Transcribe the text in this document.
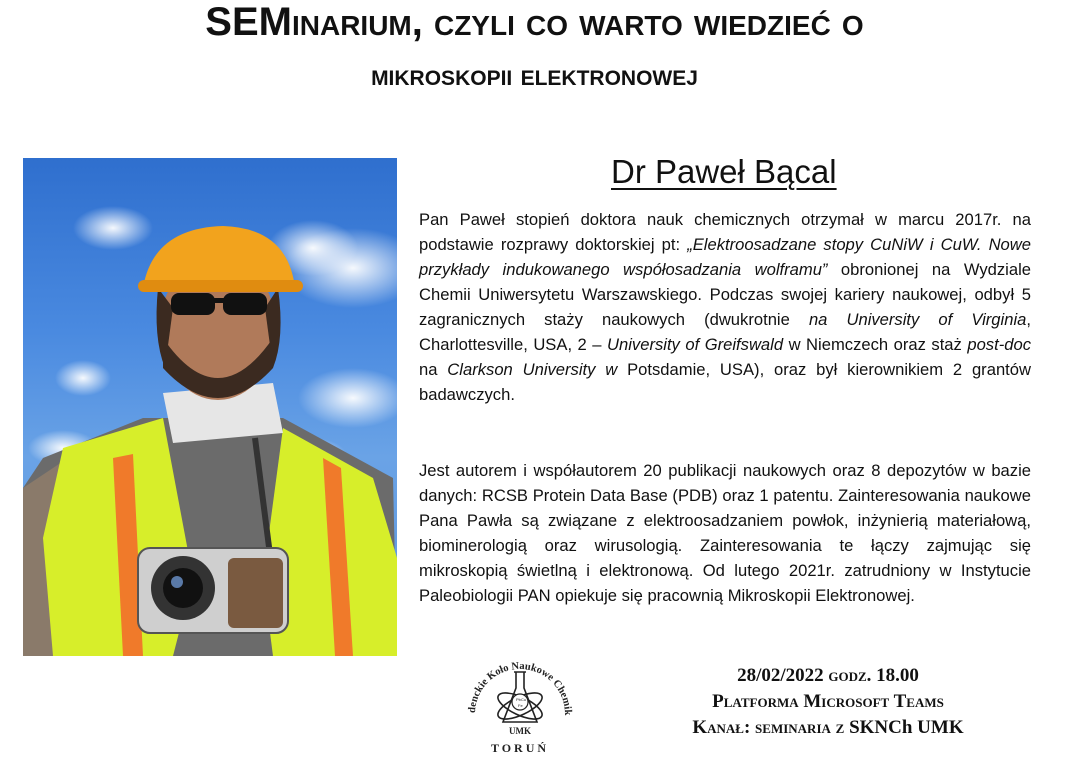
SEMinarium, czyli co warto wiedzieć o
mikroskopii elektronowej
Dr Paweł Bącal
Pan Paweł stopień doktora nauk chemicznych otrzymał w marcu 2017r. na podstawie rozprawy doktorskiej pt: „Elektroosadzane stopy CuNiW i CuW. Nowe przykłady indukowanego współosadzania wolframu” obronionej na Wydziale Chemii Uniwersytetu Warszawskiego. Podczas swojej kariery naukowej, odbył 5 zagranicznych staży naukowych (dwukrotnie na University of Virginia, Charlottesville, USA, 2 – University of Greifswald w Niemczech oraz staż post-doc na Clarkson University w Potsdamie, USA), oraz był kierownikiem 2 grantów badawczych.
Jest autorem i współautorem 20 publikacji naukowych oraz 8 depozytów w bazie danych: RCSB Protein Data Base (PDB) oraz 1 patentu. Zainteresowania naukowe Pana Pawła są związane z elektroosadzaniem powłok, inżynierią materiałową, biominerologią oraz wirusologią. Zainteresowania te łączy zajmując się mikroskopią świetlną i elektronową. Od lutego 2021r. zatrudniony w Instytucie Paleobiologii PAN opiekuje się pracownią Mikroskopii Elektronowej.
denckie Koło Naukowe Chemik
Pb Cu
Fe
UMK
TORUŃ
28/02/2022 godz. 18.00
Platforma Microsoft Teams
Kanał: seminaria z SKNCh UMK
